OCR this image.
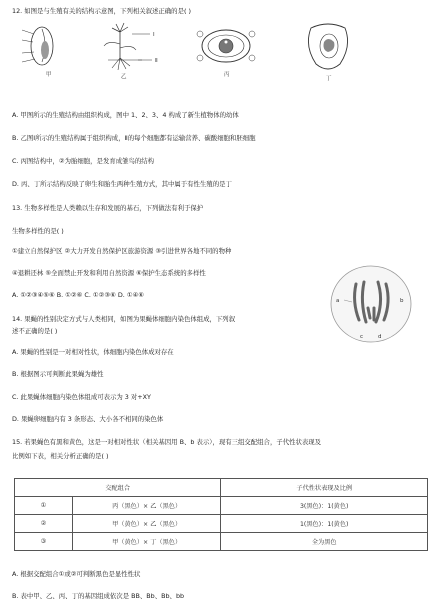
12. 如图是与生殖有关的结构示意图，下列相关叙述正确的是( )
甲	乙	丙
丁
Ⅰ
Ⅱ
A. 甲图所示的生殖结构由组织构成，图中 1、2、3、4 构成了新生植物体的幼体
B. 乙图Ⅰ所示的生殖结构属于组织构成，Ⅱ的每个细胞都有运输营养、碳酸细胞和胚细胞
C. 丙图结构中，②为胎细胞，是发育成雏鸟的结构
D. 丙、丁所示结构反映了卵生和胎生两种生殖方式，其中属于有性生殖的是丁
13. 生物多样性是人类赖以生存和发展的基石，下列做法有利于保护
生物多样性的是( )
①建立自然保护区 ②大力开发自然保护区旅游资源 ③引进世界各地不同的物种
④退耕还林 ⑤全面禁止开发和利用自然资源 ⑥保护生态系统的多样性
A. ①②③④⑤⑥ B. ①②⑥ C. ①②③⑥ D. ①④⑥
a	b
c	d
14. 果蝇的性别决定方式与人类相同，如图为果蝇体细胞内染色体组成，下列叙
述不正确的是( )
A. 果蝇的性别是一对相对性状，体细胞内染色体成对存在
B. 根据图示可判断此果蝇为雄性
C. 此果蝇体细胞内染色体组成可表示为 3 对+XY
D. 果蝇卵细胞内有 3 条形态、大小各不相同的染色体
15. 若果蝇色有黑和黄色，这是一对相对性状（相关基因用 B、b 表示），现有三组交配组合，子代性状表现及
比例如下表，相关分析正确的是( )
交配组合		子代性状表现及比例
①	丙（黑色）× 乙（黑色）	3(黑色)：1(黄色)
②	甲（黄色）× 乙（黑色）	1(黑色)：1(黄色)
③	甲（黄色）× 丁（黑色）	全为黑色
A. 根据交配组合①或②可判断黑色是显性性状
B. 表中甲、乙、丙、丁的基因组成依次是 BB、Bb、Bb、bb
